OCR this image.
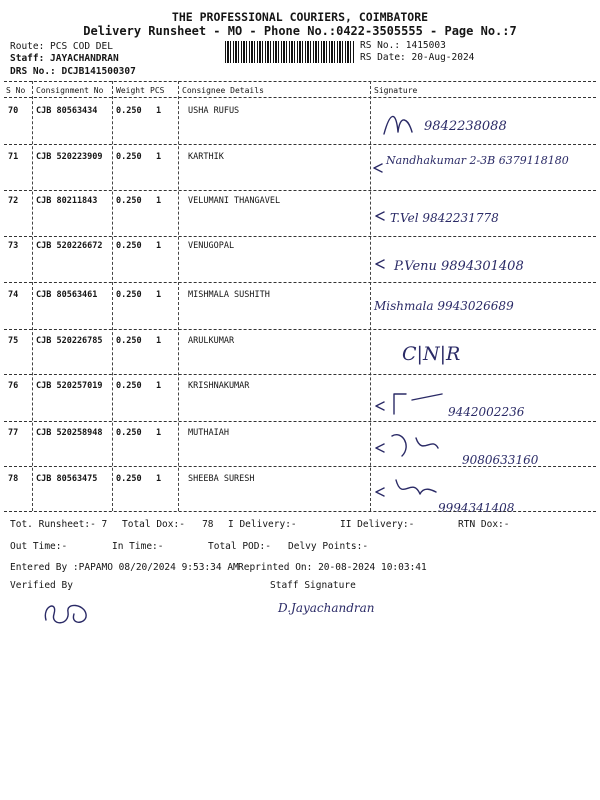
THE PROFESSIONAL COURIERS, COIMBATORE
Delivery Runsheet - MO - Phone No.:0422-3505555 - Page No.:7
Route: PCS COD DEL
Staff: JAYACHANDRAN
DRS No.: DCJB141500307
RS No.: 1415003
RS Date: 20-Aug-2024
S No Consignment No Weight PCS Consignee Details	Signature
70 CJB 80563434 0.250 1	USHA RUFUS
9842238088
71 CJB 520223909 0.250 1	KARTHIK	Nandhakumar 2-3B 6379118180
72 CJB 80211843 0.250 1	VELUMANI THANGAVEL
T.Vel 9842231778
73 CJB 520226672 0.250 1	VENUGOPAL
P.Venu 9894301408
74 CJB 80563461 0.250 1	MISHMALA SUSHITH
Mishmala 9943026689
75 CJB 520226785 0.250 1	ARULKUMAR
C|N|R
76 CJB 520257019 0.250 1	KRISHNAKUMAR
9442002236
77 CJB 520258948 0.250 1	MUTHAIAH
9080633160
78 CJB 80563475 0.250 1	SHEEBA SURESH
9994341408
Tot. Runsheet:- 7 Total Dox:-   78 I Delivery:-	II Delivery:-	RTN Dox:-
Out Time:-	In Time:-	Total POD:- Delvy Points:-
Entered By :PAPAMO 08/20/2024 9:53:34 AM Reprinted On: 20-08-2024 10:03:41
Verified By	Staff Signature
D.Jayachandran
